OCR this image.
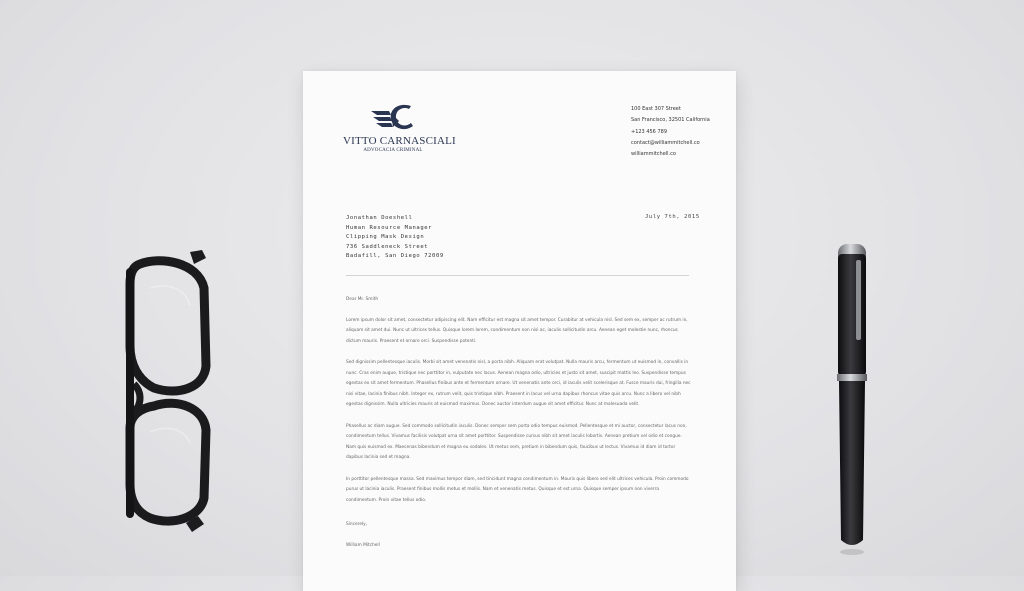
VITTO CARNASCIALI
ADVOCACIA CRIMINAL
100 East 307 Street
San Francisco, 32501 California
+123 456 789
contact@williammitchell.co
williammitchell.co
Jonathan Doeshell
Human Resource Manager
Clipping Mask Design
736 Saddleneck Street
Badafill, San Diego 72009
July 7th, 2015

Dear Mr. Smith

Lorem ipsum dolor sit amet, consectetur adipiscing elit. Nam efficitur est magna sit amet tempor. Curabitur at vehicula nisl. Sed sem ex, semper ac rutrum in, aliquam sit amet dui. Nunc ut ultrices tellus. Quisque lorem lorem, condimentum non nisi ac, iaculis sollicitudin arcu. Aenean eget molestie nunc, rhoncus dictum mauris. Praesent et ornare orci. Suspendisse potenti.

Sed dignissim pellentesque iaculis. Morbi sit amet venenatis nisl, a porta nibh. Aliquam erat volutpat. Nulla mauris arcu, fermentum ut euismod in, convallis in nunc. Cras enim augue, tristique nec porttitor in, vulputate nec lacus. Aenean magna odio, ultricies et justo sit amet, suscipit mattis leo. Suspendisse tempus egestas ex sit amet fermentum. Phasellus finibus ante et fermentum ornare. Ut venenatis ante orci, id iaculis velit scelerisque at. Fusce mauris dui, fringilla nec nisi vitae, lacinia finibus nibh. Integer ex, rutrum velit, quis tristique nibh. Praesent in lacus vel urna dapibus rhoncus vitae quis arcu. Nunc a libero vel nibh egestas dignissim. Nulla ultricies mauris at euismod maximus. Donec auctor interdum augue sit amet efficitur. Nunc at malesuada velit.

Phasellus ac diam augue. Sed commodo sollicitudin iaculis. Donec semper sem porta odio tempus euismod. Pellentesque et mi auctor, consectetur lacus non, condimentum tellus. Vivamus facilisis volutpat urna sit amet porttitor. Suspendisse cursus nibh sit amet iaculis lobortis. Aenean pretium vel odio et congue. Nam quis euismod ex. Maecenas bibendum et magna eu sodales. Ut metus sem, pretium in bibendum quis, faucibus ut lectus. Vivamus id diam id tortor dapibus lacinia sed et magna.

In porttitor pellentesque massa. Sed maximus tempor diam, sed tincidunt magna condimentum in. Mauris quis libero sed elit ultrices vehicula. Proin commodo purus ut lacinia iaculis. Praesent finibus mollis metus et mollis. Nam et venenatis metus. Quisque et est urna. Quisque semper ipsum non viverra condimentum. Proin vitae tellus odio.

Sincerely,

William Mitchell
